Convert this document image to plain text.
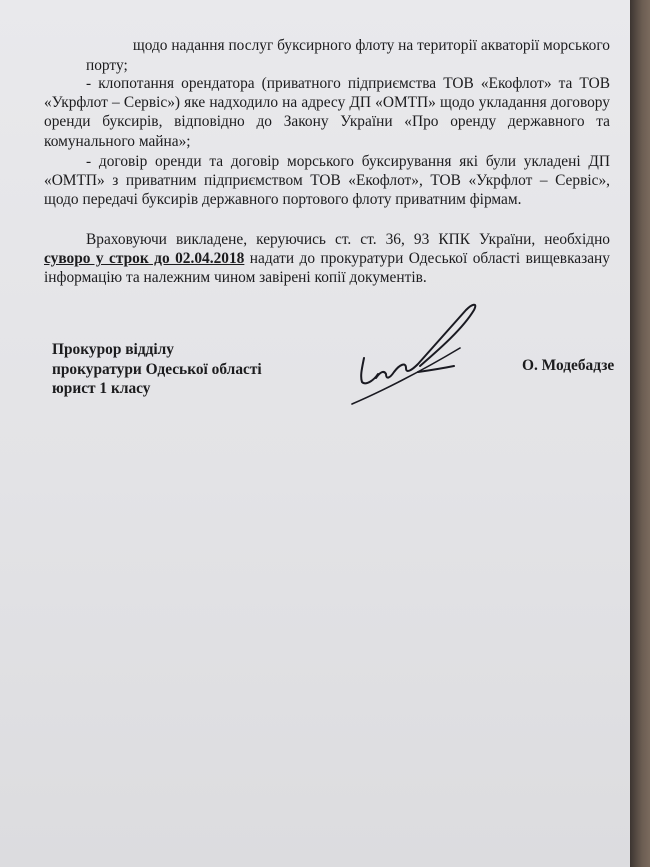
щодо надання послуг буксирного флоту на території акваторії морського

порту;

- клопотання орендатора (приватного підприємства ТОВ «Екофлот» та ТОВ «Укрфлот – Сервіс») яке надходило на адресу ДП «ОМТП» щодо укладання договору оренди буксирів, відповідно до Закону України «Про оренду державного та комунального майна»;

- договір оренди та договір морського буксирування які були укладені ДП «ОМТП» з приватним підприємством ТОВ «Екофлот», ТОВ «Укрфлот – Сервіс», щодо передачі буксирів державного портового флоту приватним фірмам.

Враховуючи викладене, керуючись ст. ст. 36, 93 КПК України, необхідно суворо у строк до 02.04.2018 надати до прокуратури Одеської області вищевказану інформацію та належним чином завірені копії документів.

Прокурор відділу
прокуратури Одеської області
юрист 1 класу
О. Модебадзе
